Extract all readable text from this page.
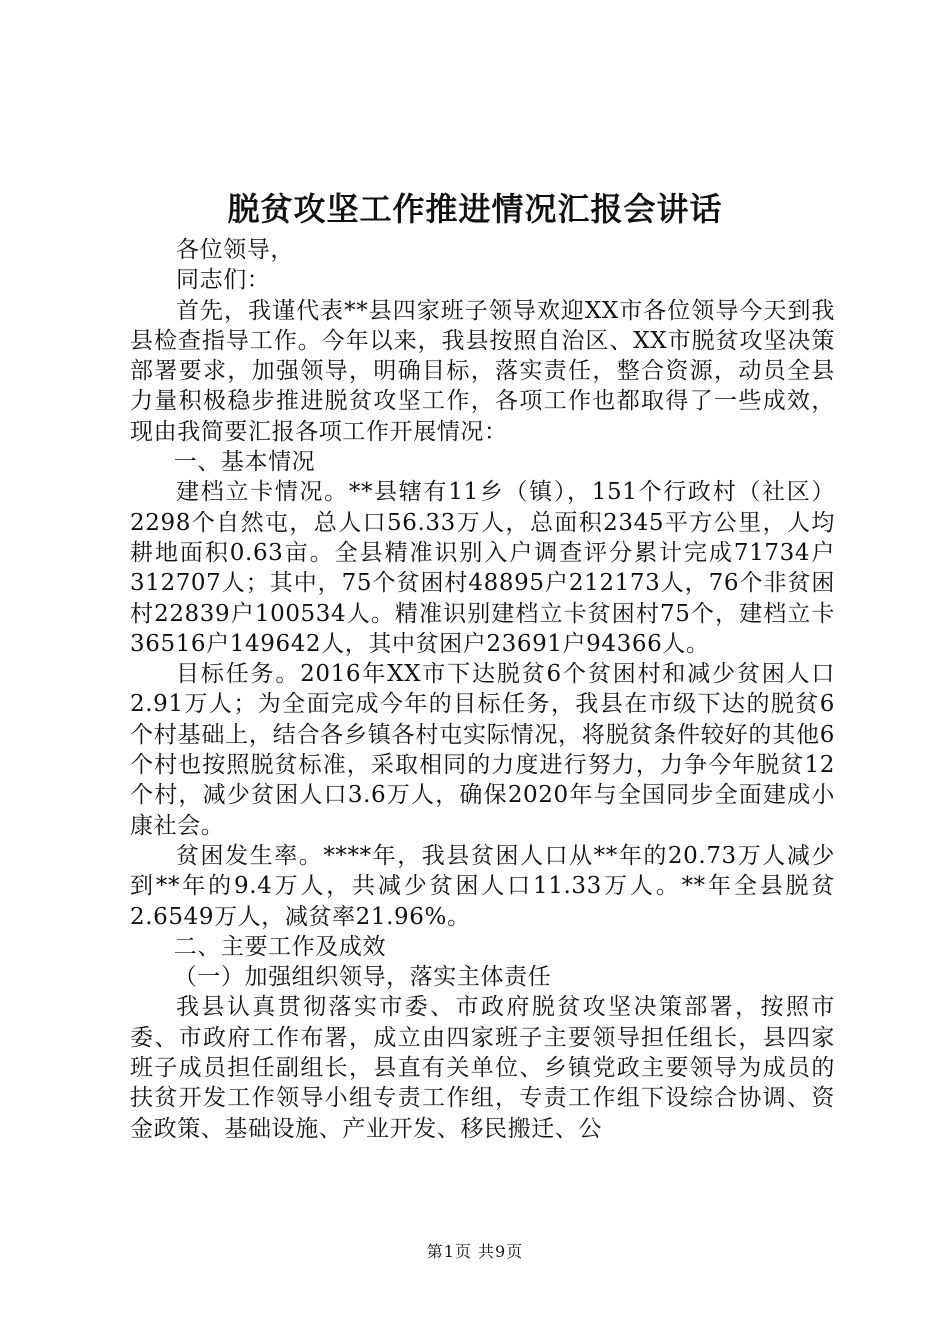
脱贫攻坚工作推进情况汇报会讲话

各位领导，

同志们：

首先，我谨代表**县四家班子领导欢迎XX市各位领导今天到我县检查指导工作。今年以来，我县按照自治区、XX市脱贫攻坚决策部署要求，加强领导，明确目标，落实责任，整合资源，动员全县力量积极稳步推进脱贫攻坚工作，各项工作也都取得了一些成效，现由我简要汇报各项工作开展情况：

一、基本情况

建档立卡情况。**县辖有11乡（镇），151个行政村（社区）2298个自然屯，总人口56.33万人，总面积2345平方公里，人均耕地面积0.63亩。全县精准识别入户调查评分累计完成71734户312707人；其中，75个贫困村48895户212173人，76个非贫困村22839户100534人。精准识别建档立卡贫困村75个，建档立卡36516户149642人，其中贫困户23691户94366人。

目标任务。2016年XX市下达脱贫6个贫困村和减少贫困人口2.91万人；为全面完成今年的目标任务，我县在市级下达的脱贫6个村基础上，结合各乡镇各村屯实际情况，将脱贫条件较好的其他6个村也按照脱贫标准，采取相同的力度进行努力，力争今年脱贫12个村，减少贫困人口3.6万人，确保2020年与全国同步全面建成小康社会。

贫困发生率。****年，我县贫困人口从**年的20.73万人减少到**年的9.4万人，共减少贫困人口11.33万人。**年全县脱贫2.6549万人，减贫率21.96%。

二、主要工作及成效

（一）加强组织领导，落实主体责任

我县认真贯彻落实市委、市政府脱贫攻坚决策部署，按照市委、市政府工作布署，成立由四家班子主要领导担任组长，县四家班子成员担任副组长，县直有关单位、乡镇党政主要领导为成员的扶贫开发工作领导小组专责工作组，专责工作组下设综合协调、资金政策、基础设施、产业开发、移民搬迁、公

第1页 共9页
